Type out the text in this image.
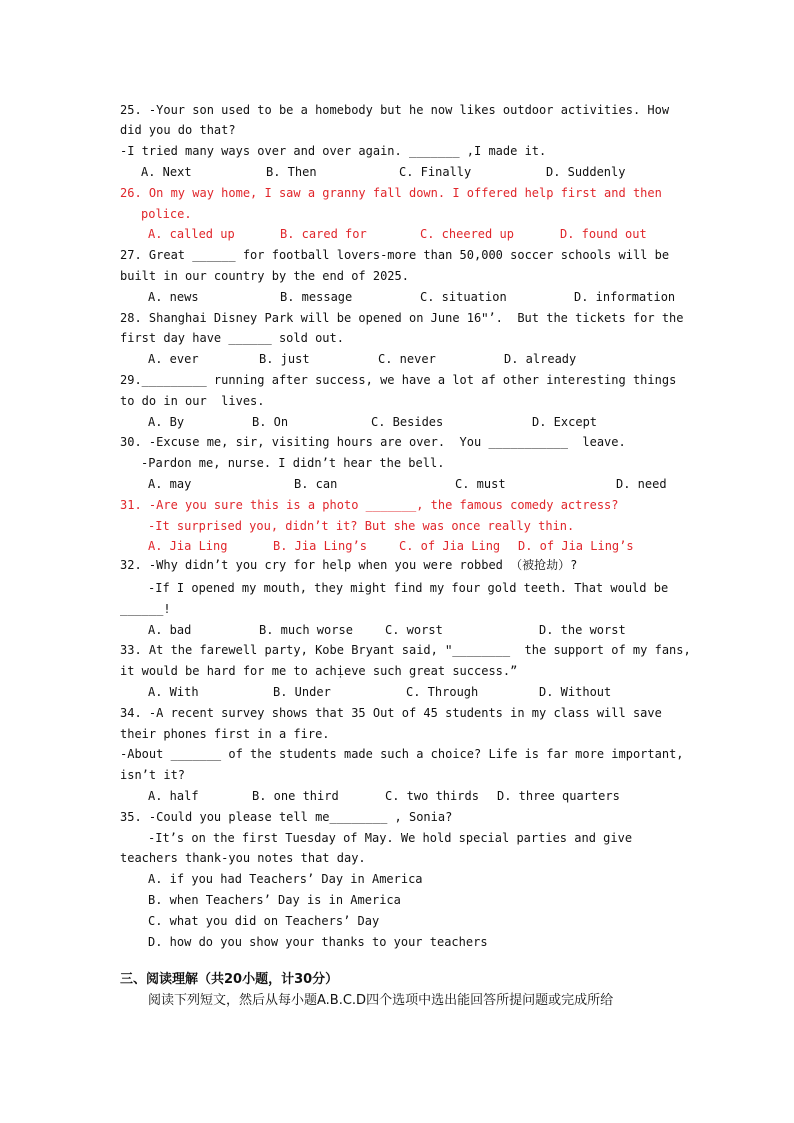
25. -Your son used to be a homebody but he now likes outdoor activities. How
did you do that?
-I tried many ways over and over again. _______ ,I made it.
A. Next	B. Then	C. Finally	D. Suddenly
26. On my way home, I saw a granny fall down. I offered help first and then
police.
A. called up	B. cared for	C. cheered up	D. found out
27. Great ______ for football lovers-more than 50,000 soccer schools will be
built in our country by the end of 2025.
A. news	B. message	C. situation	D. information
28. Shanghai Disney Park will be opened on June 16ʺʼ.  But the tickets for the
first day have ______ sold out.
A. ever	B. just	C. never	D. already
29._________ running after success, we have a lot af other interesting things
to do in our  lives.
A. By	B. On	C. Besides	D. Except
30. -Excuse me, sir, visiting hours are over.  You ___________  leave.
-Pardon me, nurse. I didn’t hear the bell.
A. may	B. can	C. must	D. need
31. -Are you sure this is a photo _______, the famous comedy actress?
-It surprised you, didn’t it? But she was once really thin.
A. Jia Ling	B. Jia Ling’s	C. of Jia Ling D. of Jia Ling’s
32. -Why didn’t you cry for help when you were robbed （被抢劫）?
-If I opened my mouth, they might find my four gold teeth. That would be
______!
A. bad	B. much worse	C. worst	D. the worst
33. At the farewell party, Kobe Bryant said, ʺ________  the support of my fans,
it would be hard for me to achịeve such great success.”
A. With	B. Under	C. Through	D. Without
34. -A recent survey shows that 35 Out of 45 students in my class will save
their phones first in a fire.
-About _______ of the students made such a choice? Life is far more important,
isn’t it?
A. half	B. one third	C. two thirds D. three quarters
35. -Could you please tell me________ , Sonia?
-It’s on the first Tuesday of May. We hold special parties and give
teachers thank-you notes that day.
A. if you had Teachers’ Day in America
B. when Teachers’ Day is in America
C. what you did on Teachers’ Day
D. how do you show your thanks to your teachers
三、阅读理解（共20小题，计30分）
阅读下列短文，然后从每小题A.B.C.D四个选项中选出能回答所提问题或完成所给
